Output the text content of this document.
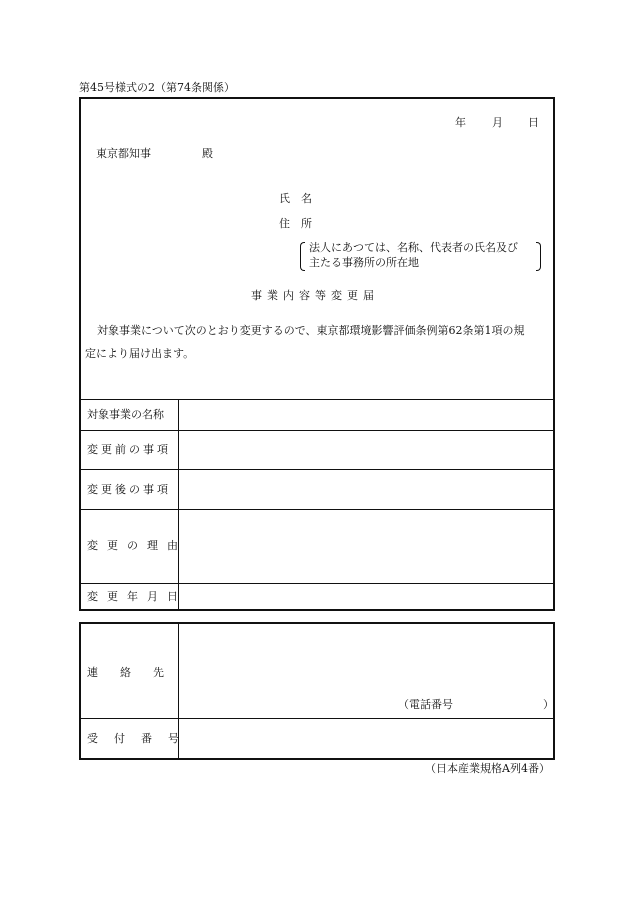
第45号様式の2（第74条関係）
年 月 日
東京都知事	殿
氏　名
住　所
法人にあつては、名称、代表者の氏名及び
主たる事務所の所在地
事業内容等変更届
対象事業について次のとおり変更するので、東京都環境影響評価条例第62条第1項の規
定により届け出ます。
対象事業の名称
変更前の事項
変更後の事項
変更の理由
変更年月日
連絡先
（電話番号	）
受付番号
（日本産業規格A列4番）
